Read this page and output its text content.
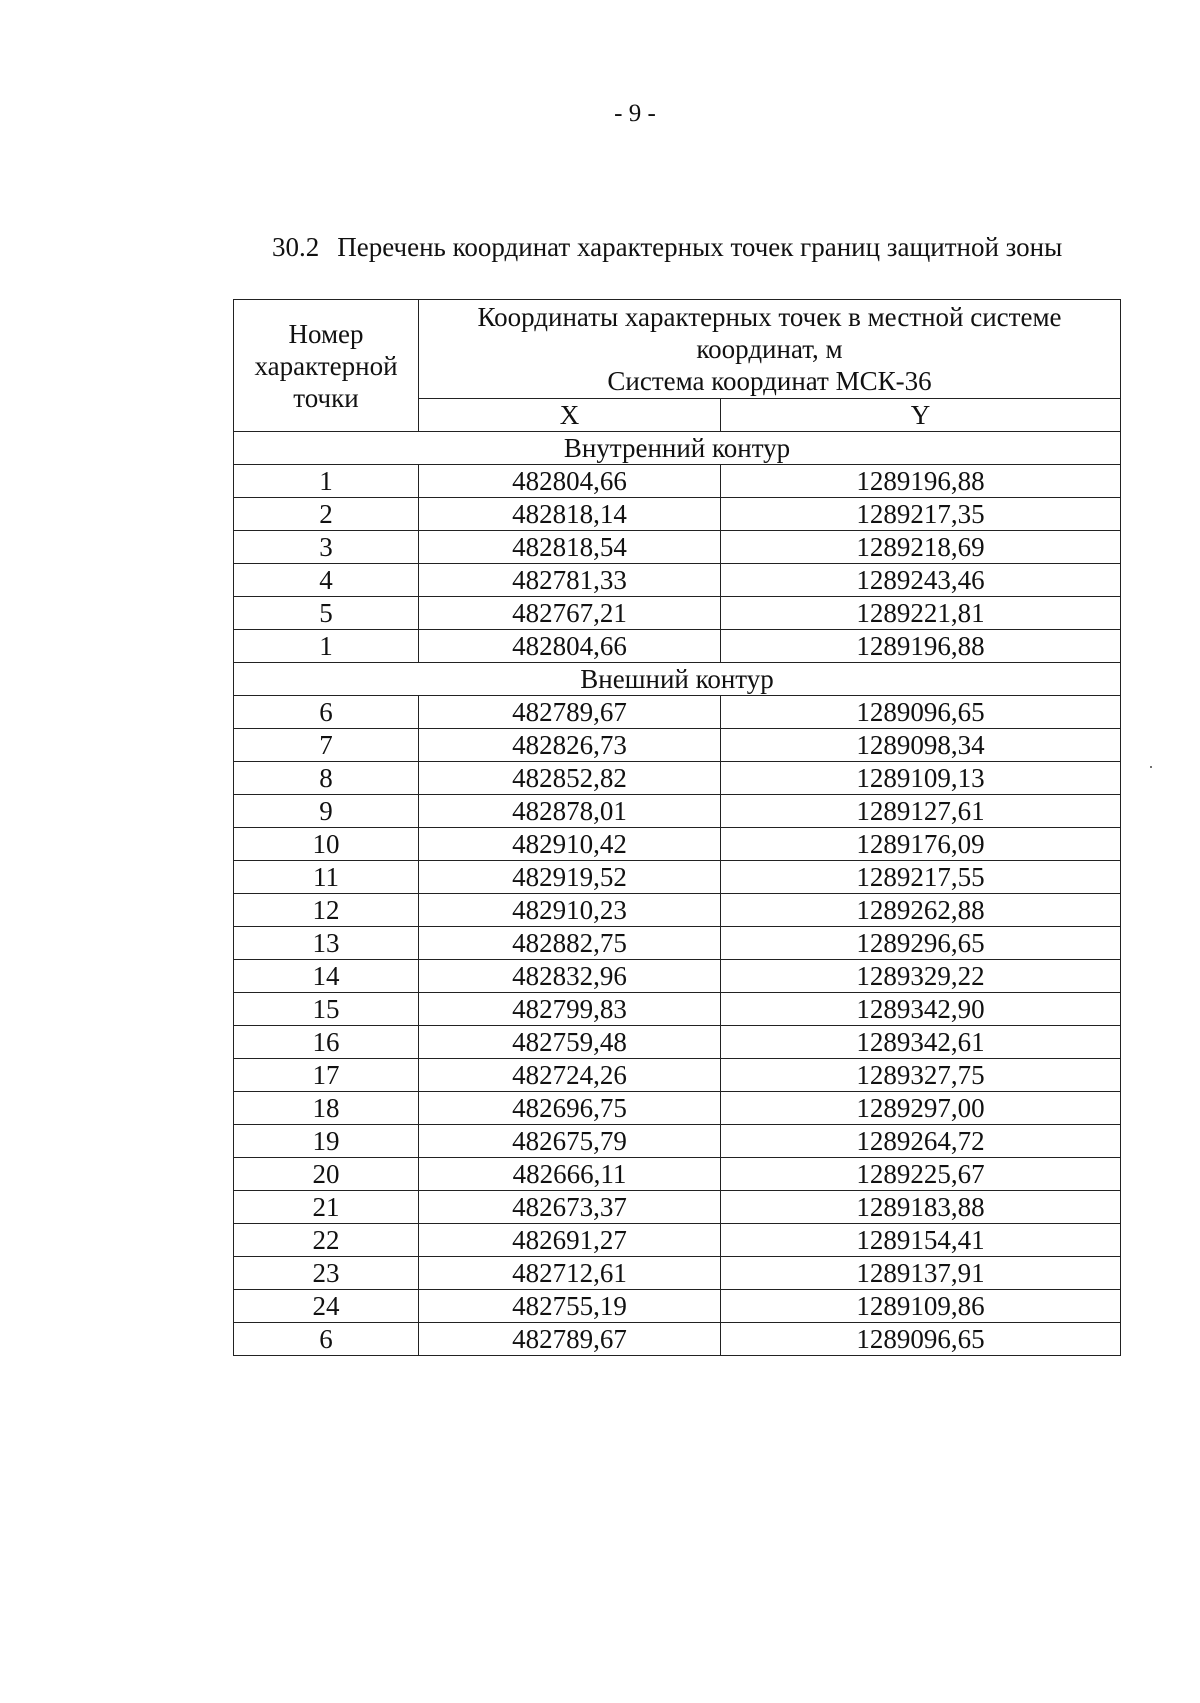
- 9 -
30.2 Перечень координат характерных точек границ защитной зоны
Номер характерной точки	Координаты характерных точек в местной системе координат, м
Система координат МСК-36	

	X	Y
Внутренний контур		
1	482804,66	1289196,88
2	482818,14	1289217,35
3	482818,54	1289218,69
4	482781,33	1289243,46
5	482767,21	1289221,81
1	482804,66	1289196,88
Внешний контур		
6	482789,67	1289096,65
7	482826,73	1289098,34
8	482852,82	1289109,13
9	482878,01	1289127,61
10	482910,42	1289176,09
11	482919,52	1289217,55
12	482910,23	1289262,88
13	482882,75	1289296,65
14	482832,96	1289329,22
15	482799,83	1289342,90
16	482759,48	1289342,61
17	482724,26	1289327,75
18	482696,75	1289297,00
19	482675,79	1289264,72
20	482666,11	1289225,67
21	482673,37	1289183,88
22	482691,27	1289154,41
23	482712,61	1289137,91
24	482755,19	1289109,86
6	482789,67	1289096,65
